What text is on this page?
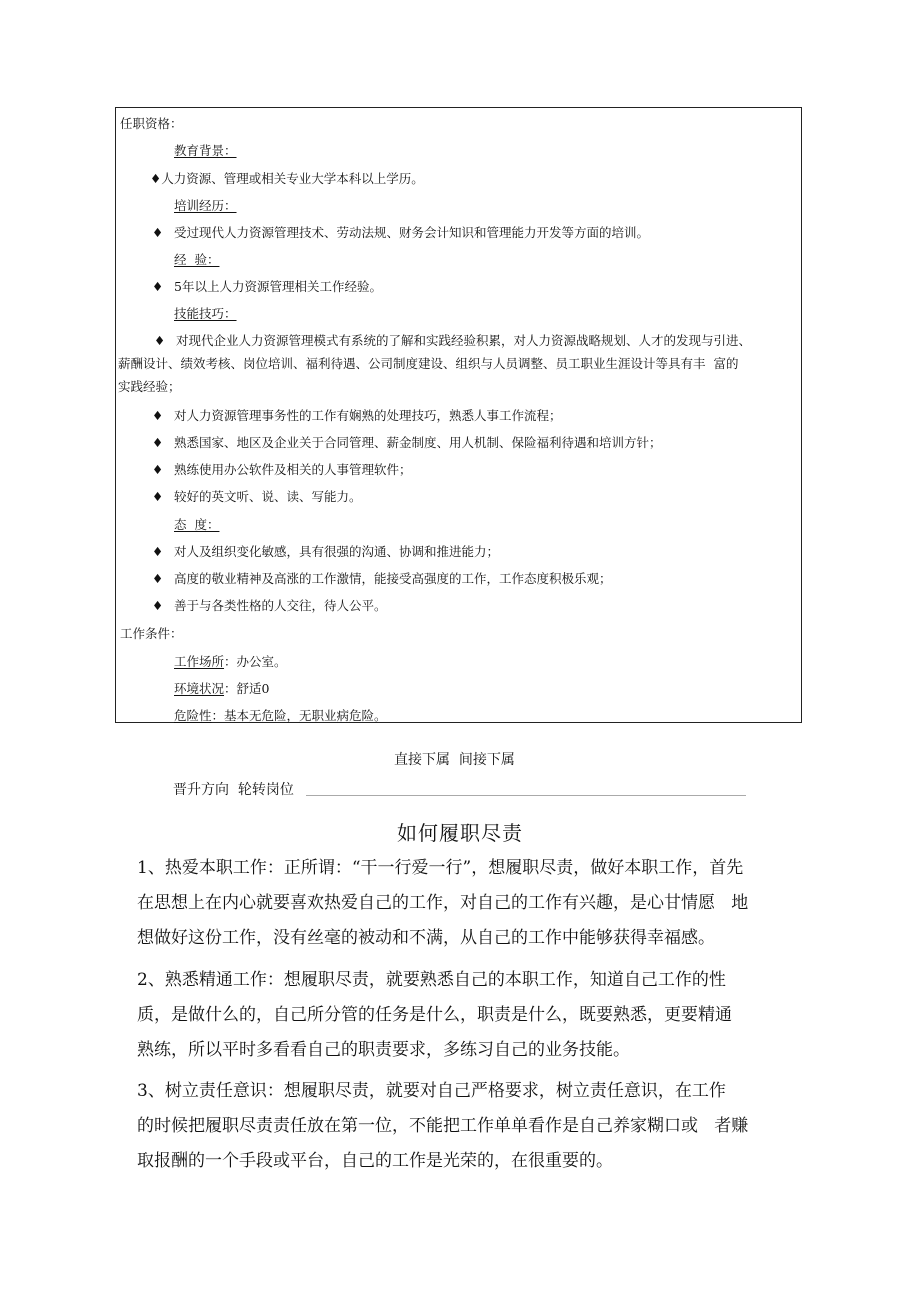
任职资格：
教育背景：
♦人力资源、管理或相关专业大学本科以上学历。
培训经历：
♦ 受过现代人力资源管理技术、劳动法规、财务会计知识和管理能力开发等方面的培训。
经  验：
♦ 5年以上人力资源管理相关工作经验。
技能技巧：
♦ 对现代企业人力资源管理模式有系统的了解和实践经验积累，对人力资源战略规划、人才的发现与引进、
薪酬设计、绩效考核、岗位培训、福利待遇、公司制度建设、组织与人员调整、员工职业生涯设计等具有丰  富的
实践经验；
♦ 对人力资源管理事务性的工作有娴熟的处理技巧，熟悉人事工作流程；
♦ 熟悉国家、地区及企业关于合同管理、薪金制度、用人机制、保险福利待遇和培训方针；
♦ 熟练使用办公软件及相关的人事管理软件；
♦ 较好的英文听、说、读、写能力。
态  度：
♦ 对人及组织变化敏感，具有很强的沟通、协调和推进能力；
♦ 高度的敬业精神及高涨的工作激情，能接受高强度的工作，工作态度积极乐观；
♦ 善于与各类性格的人交往，待人公平。
工作条件：
工作场所：办公室。
环境状况：舒适0
危险性：基本无危险，无职业病危险。
直接下属  间接下属
晋升方向  轮转岗位
如何履职尽责
1、热爱本职工作：正所谓：“干一行爱一行”，想履职尽责，做好本职工作，首先
在思想上在内心就要喜欢热爱自己的工作，对自己的工作有兴趣，是心甘情愿   地
想做好这份工作，没有丝毫的被动和不满，从自己的工作中能够获得幸福感。
2、熟悉精通工作：想履职尽责，就要熟悉自己的本职工作，知道自己工作的性
质，是做什么的，自己所分管的任务是什么，职责是什么，既要熟悉，更要精通
熟练，所以平时多看看自己的职责要求，多练习自己的业务技能。
3、树立责任意识：想履职尽责，就要对自己严格要求，树立责任意识，在工作
的时候把履职尽责责任放在第一位，不能把工作单单看作是自己养家糊口或   者赚
取报酬的一个手段或平台，自己的工作是光荣的，在很重要的。
